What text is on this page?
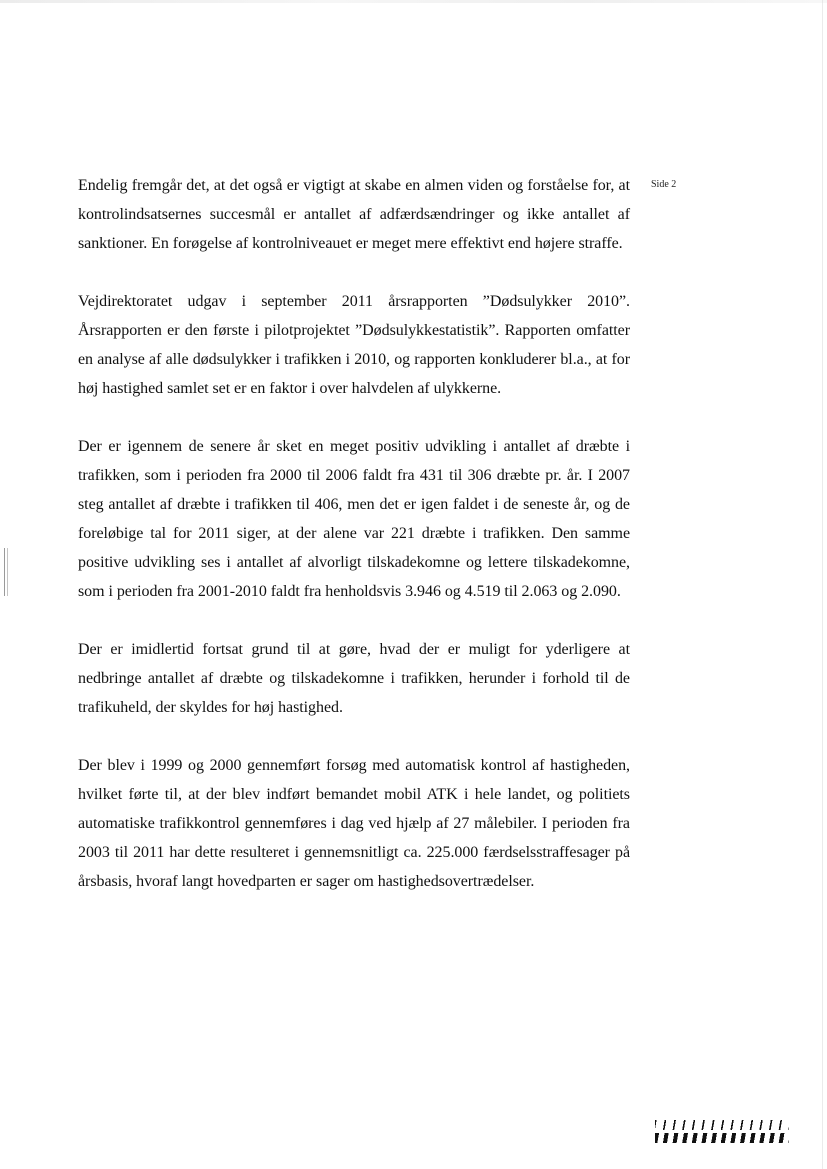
Side 2

Endelig fremgår det, at det også er vigtigt at skabe en almen viden og forståelse for, at kontrolindsatsernes succesmål er antallet af adfærdsændringer og ikke antallet af sanktioner. En forøgelse af kontrolniveauet er meget mere effektivt end højere straffe.

Vejdirektoratet udgav i september 2011 årsrapporten ”Dødsulykker 2010”. Årsrapporten er den første i pilotprojektet ”Dødsulykkestatistik”. Rapporten omfatter en analyse af alle dødsulykker i trafikken i 2010, og rapporten konkluderer bl.a., at for høj hastighed samlet set er en faktor i over halvdelen af ulykkerne.

Der er igennem de senere år sket en meget positiv udvikling i antallet af dræbte i trafikken, som i perioden fra 2000 til 2006 faldt fra 431 til 306 dræbte pr. år. I 2007 steg antallet af dræbte i trafikken til 406, men det er igen faldet i de seneste år, og de foreløbige tal for 2011 siger, at der alene var 221 dræbte i trafikken. Den samme positive udvikling ses i antallet af alvorligt tilskadekomne og lettere tilskadekomne, som i perioden fra 2001-2010 faldt fra henholdsvis 3.946 og 4.519 til 2.063 og 2.090.

Der er imidlertid fortsat grund til at gøre, hvad der er muligt for yderligere at nedbringe antallet af dræbte og tilskadekomne i trafikken, herunder i forhold til de trafikuheld, der skyldes for høj hastighed.

Der blev i 1999 og 2000 gennemført forsøg med automatisk kontrol af hastigheden, hvilket førte til, at der blev indført bemandet mobil ATK i hele landet, og politiets automatiske trafikkontrol gennemføres i dag ved hjælp af 27 målebiler. I perioden fra 2003 til 2011 har dette resulteret i gennemsnitligt ca. 225.000 færdselsstraffesager på årsbasis, hvoraf langt hovedparten er sager om hastighedsovertrædelser.
